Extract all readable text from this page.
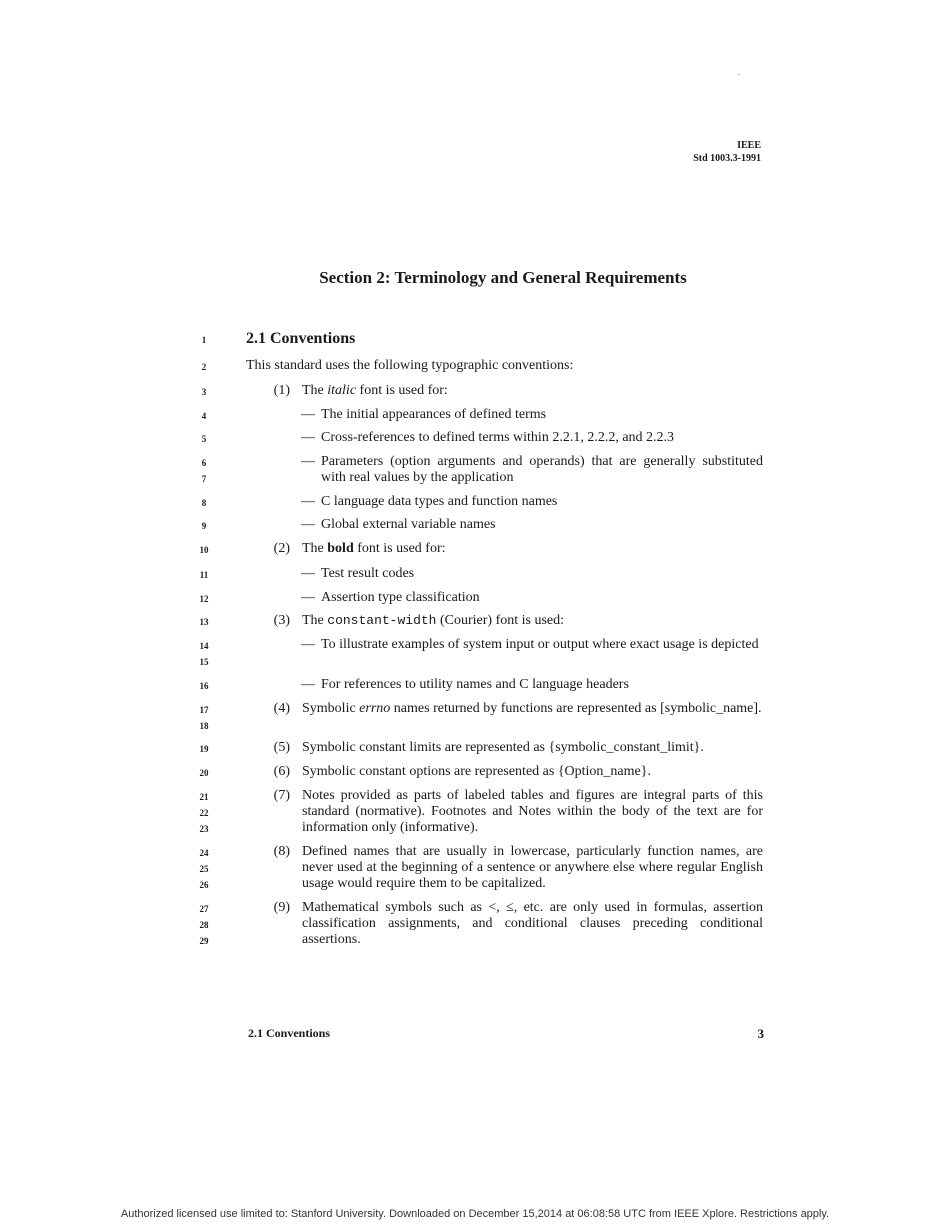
IEEE
Std 1003.3-1991
Section 2: Terminology and General Requirements
1
2
3
4
5
6
7
8
9
10
11
12
13
14
15
16
17
18
19
20
21
22
23
24
25
26
27
28
29
2.1 Conventions
This standard uses the following typographic conventions:
(1) The italic font is used for:
— The initial appearances of defined terms
— Cross-references to defined terms within 2.2.1, 2.2.2, and 2.2.3
— Parameters (option arguments and operands) that are generally substituted with real values by the application
— C language data types and function names
— Global external variable names
(2) The bold font is used for:
— Test result codes
— Assertion type classification
(3) The constant-width (Courier) font is used:
— To illustrate examples of system input or output where exact usage is depicted
— For references to utility names and C language headers
(4) Symbolic errno names returned by functions are represented as [symbolic_name].
(5) Symbolic constant limits are represented as {symbolic_constant_limit}.
(6) Symbolic constant options are represented as {Option_name}.
(7) Notes provided as parts of labeled tables and figures are integral parts of this standard (normative). Footnotes and Notes within the body of the text are for information only (informative).
(8) Defined names that are usually in lowercase, particularly function names, are never used at the beginning of a sentence or anywhere else where regular English usage would require them to be capitalized.
(9) Mathematical symbols such as <, ≤, etc. are only used in formulas, assertion classification assignments, and conditional clauses preceding conditional assertions.
2.1 Conventions	3
Authorized licensed use limited to: Stanford University. Downloaded on December 15,2014 at 06:08:58 UTC from IEEE Xplore. Restrictions apply.
